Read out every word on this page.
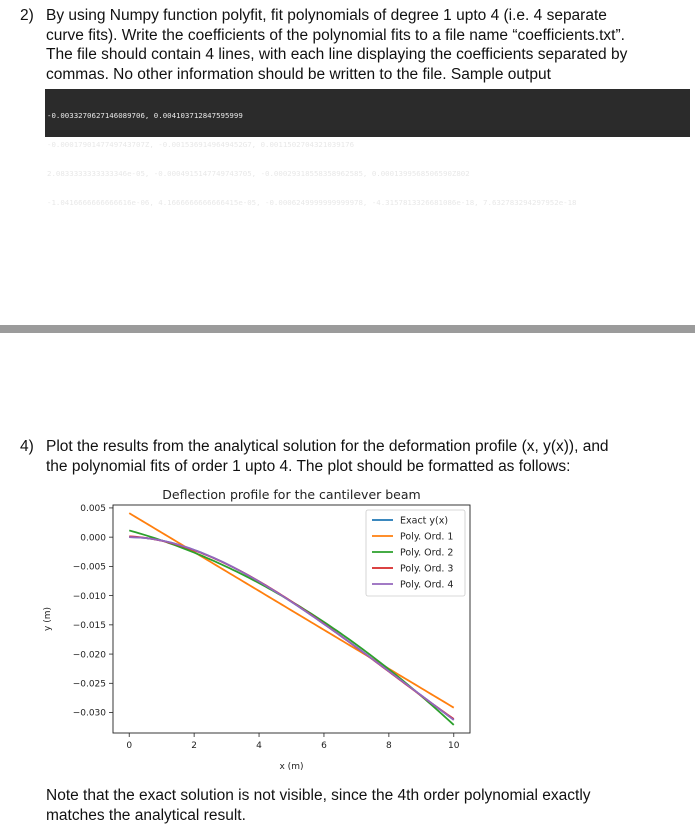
2) By using Numpy function polyfit, fit polynomials of degree 1 upto 4 (i.e. 4 separate
curve fits). Write the coefficients of the polynomial fits to a file name “coefficients.txt”.
The file should contain 4 lines, with each line displaying the coefficients separated by
commas. No other information should be written to the file. Sample output

-0.0033270627146089706, 0.004103712847595999

-0.0001790147749743707Z, -0.0015369149649452G7, 0.0011502704321039176

2.0833333333333346e-05, -0.0004915147749743705, -0.00029318558358962585, 0.0001399568506590Z802

-1.0416666666666616e-06, 4.1666666666666415e-05, -0.0006249999999999978, -4.3157813326681086e-18, 7.632783294297952e-18

4) Plot the results from the analytical solution for the deformation profile (x, y(x)), and
the polynomial fits of order 1 upto 4. The plot should be formatted as follows:
Deflection profile for the cantilever beam
0	2	4	6	8	10
0.005
0.000
−0.005
−0.010
−0.015
−0.020
−0.025
−0.030
x (m)
y (m)
Exact y(x)
Poly. Ord. 1
Poly. Ord. 2
Poly. Ord. 3
Poly. Ord. 4
Note that the exact solution is not visible, since the 4th order polynomial exactly
matches the analytical result.
